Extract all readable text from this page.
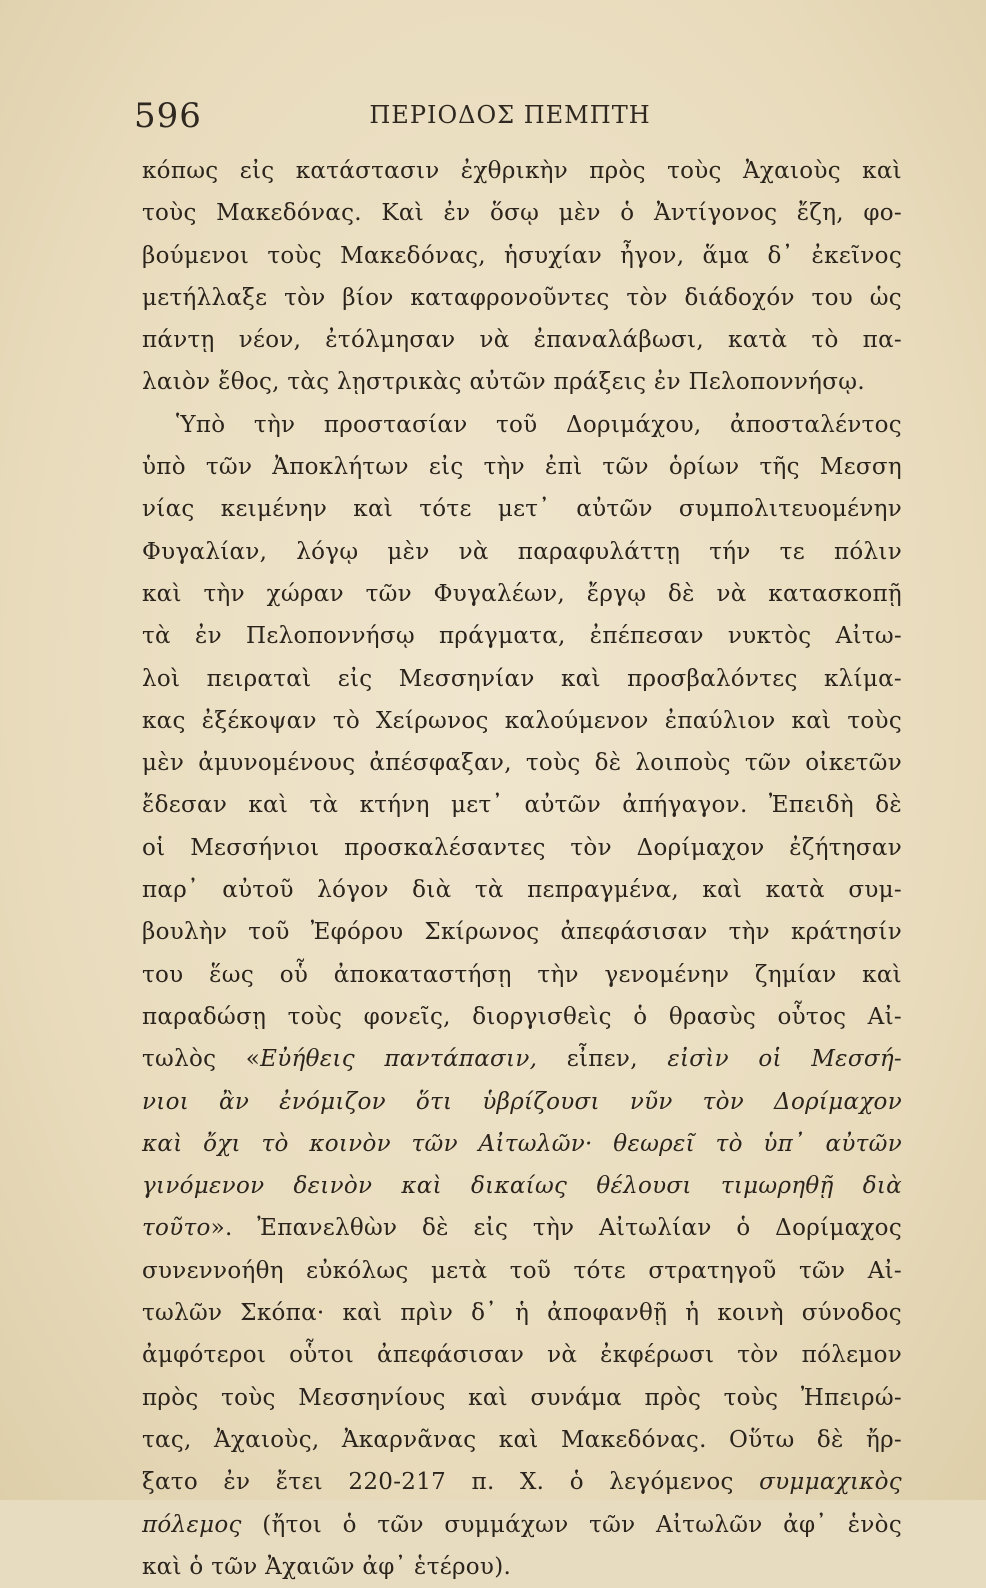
596	ΠΕΡΙΟΔΟΣ ΠΕΜΠΤΗ
κόπως εἰς κατάστασιν ἐχθρικὴν πρὸς τοὺς Ἀχαιοὺς καὶ
τοὺς Μακεδόνας. Καὶ ἐν ὅσῳ μὲν ὁ Ἀντίγονος ἔζη, φο-
βούμενοι τοὺς Μακεδόνας, ἡσυχίαν ἦγον, ἅμα δ᾽ ἐκεῖνος
μετήλλαξε τὸν βίον καταφρονοῦντες τὸν διάδοχόν του ὡς
πάντῃ νέον, ἐτόλμησαν νὰ ἐπαναλάβωσι, κατὰ τὸ πα-
λαιὸν ἔθος, τὰς λῃστρικὰς αὐτῶν πράξεις ἐν Πελοποννήσῳ.
Ὑπὸ τὴν προστασίαν τοῦ Δοριμάχου, ἀποσταλέντος
ὑπὸ τῶν Ἀποκλήτων εἰς τὴν ἐπὶ τῶν ὁρίων τῆς Μεσση
νίας κειμένην καὶ τότε μετ᾽ αὐτῶν συμπολιτευομένην
Φυγαλίαν, λόγῳ μὲν νὰ παραφυλάττῃ τήν τε πόλιν
καὶ τὴν χώραν τῶν Φυγαλέων, ἔργῳ δὲ νὰ κατασκοπῇ
τὰ ἐν Πελοποννήσῳ πράγματα, ἐπέπεσαν νυκτὸς Αἰτω-
λοὶ πειραταὶ εἰς Μεσσηνίαν καὶ προσβαλόντες κλίμα-
κας ἐξέκοψαν τὸ Χείρωνος καλούμενον ἐπαύλιον καὶ τοὺς
μὲν ἀμυνομένους ἀπέσφαξαν, τοὺς δὲ λοιποὺς τῶν οἰκετῶν
ἔδεσαν καὶ τὰ κτήνη μετ᾽ αὐτῶν ἀπήγαγον. Ἐπειδὴ δὲ
οἱ Μεσσήνιοι προσκαλέσαντες τὸν Δορίμαχον ἐζήτησαν
παρ᾽ αὐτοῦ λόγον διὰ τὰ πεπραγμένα, καὶ κατὰ συμ-
βουλὴν τοῦ Ἐφόρου Σκίρωνος ἀπεφάσισαν τὴν κράτησίν
του ἕως οὗ ἀποκαταστήσῃ τὴν γενομένην ζημίαν καὶ
παραδώσῃ τοὺς φονεῖς, διοργισθεὶς ὁ θρασὺς οὗτος Αἰ-
τωλὸς «Εὐήθεις παντάπασιν, εἶπεν, εἰσὶν οἱ Μεσσή-
νιοι ἂν ἐνόμιζον ὅτι ὑβρίζουσι νῦν τὸν Δορίμαχον
καὶ ὄχι τὸ κοινὸν τῶν Αἰτωλῶν· θεωρεῖ τὸ ὑπ᾽ αὐτῶν
γινόμενον δεινὸν καὶ δικαίως θέλουσι τιμωρηθῇ διὰ
τοῦτο». Ἐπανελθὼν δὲ εἰς τὴν Αἰτωλίαν ὁ Δορίμαχος
συνεννοήθη εὐκόλως μετὰ τοῦ τότε στρατηγοῦ τῶν Αἰ-
τωλῶν Σκόπα· καὶ πρὶν δ᾽ ἡ ἀποφανθῇ ἡ κοινὴ σύνοδος
ἀμφότεροι οὗτοι ἀπεφάσισαν νὰ ἐκφέρωσι τὸν πόλεμον
πρὸς τοὺς Μεσσηνίους καὶ συνάμα πρὸς τοὺς Ἠπειρώ-
τας, Ἀχαιοὺς, Ἀκαρνᾶνας καὶ Μακεδόνας. Οὕτω δὲ ἤρ-
ξατο ἐν ἔτει 220-217 π. Χ. ὁ λεγόμενος συμμαχικὸς
πόλεμος (ἤτοι ὁ τῶν συμμάχων τῶν Αἰτωλῶν ἀφ᾽ ἑνὸς
καὶ ὁ τῶν Ἀχαιῶν ἀφ᾽ ἑτέρου).
